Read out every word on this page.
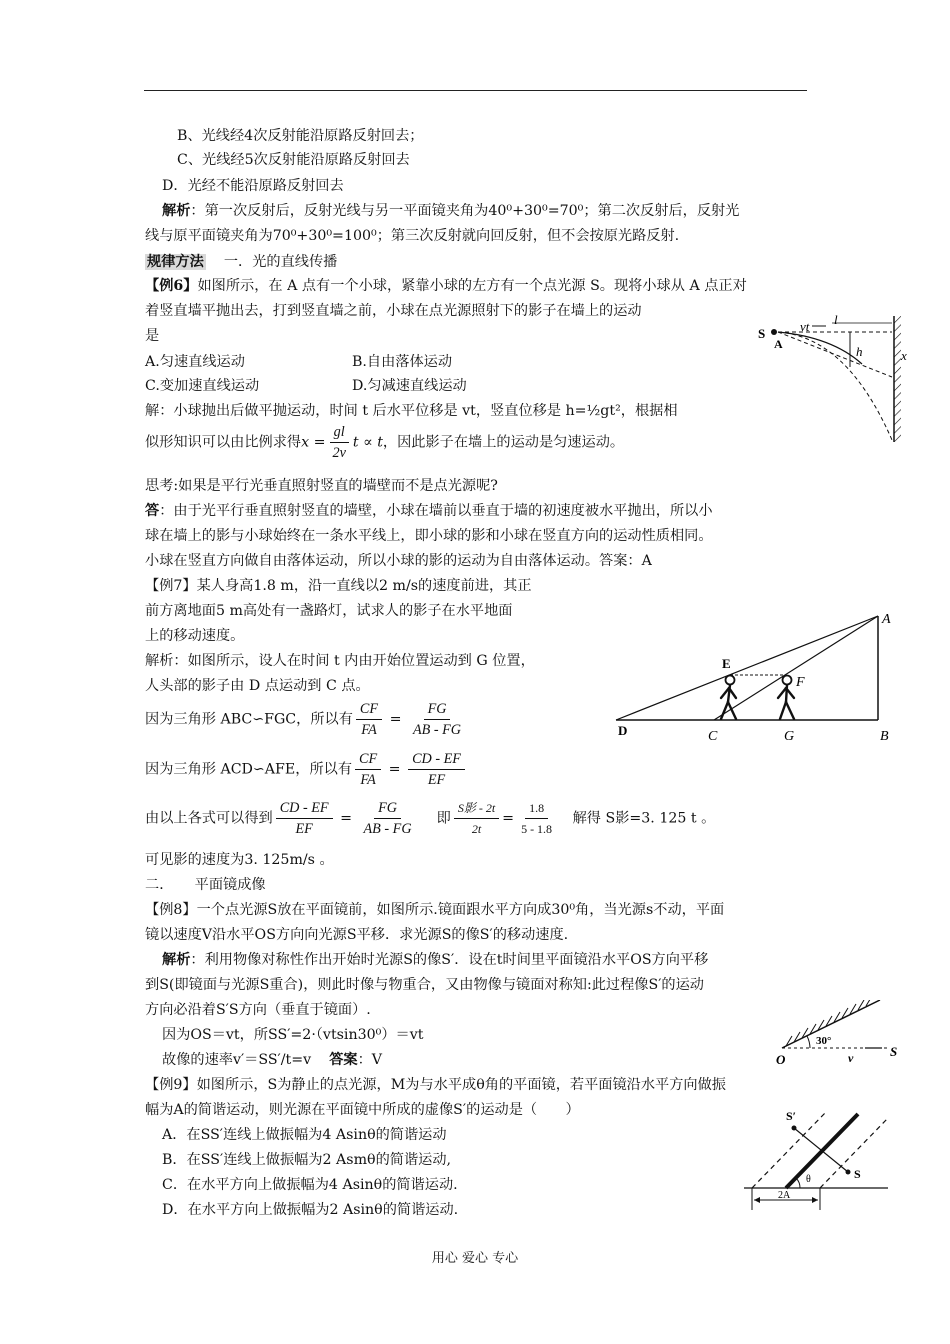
B、光线经4次反射能沿原路反射回去；
C、光线经5次反射能沿原路反射回去
D．光经不能沿原路反射回去
解析：第一次反射后，反射光线与另一平面镜夹角为40⁰+30⁰=70⁰；第二次反射后，反射光
线与原平面镜夹角为70⁰+30⁰=100⁰；第三次反射就向回反射，但不会按原光路反射.
规律方法 一．光的直线传播
【例6】如图所示，在 A 点有一个小球，紧靠小球的左方有一个点光源 S。现将小球从 A 点正对
着竖直墙平抛出去，打到竖直墙之前，小球在点光源照射下的影子在墙上的运动
是
A.匀速直线运动	B.自由落体运动
C.变加速直线运动	D.匀减速直线运动
解：小球抛出后做平抛运动，时间 t 后水平位移是 vt，竖直位移是 h=½gt²，根据相
似形知识可以由比例求得$x = \frac{gl}{2v}$ t ∝ t，因此影子在墙上的运动是匀速运动。
思考:如果是平行光垂直照射竖直的墙壁而不是点光源呢?
答：由于光平行垂直照射竖直的墙壁，小球在墙前以垂直于墙的初速度被水平抛出，所以小
球在墙上的影与小球始终在一条水平线上，即小球的影和小球在竖直方向的运动性质相同。
小球在竖直方向做自由落体运动，所以小球的影的运动为自由落体运动。答案：A
S
A
vt l
h	x
【例7】某人身高1.8 m，沿一直线以2 m/s的速度前进，其正
前方离地面5 m高处有一盏路灯，试求人的影子在水平地面
上的移动速度。
解析：如图所示，设人在时间 t 内由开始位置运动到 G 位置，
人头部的影子由 D 点运动到 C 点。
因为三角形 ABC∽FGC，所以有 $\frac{CF}{FA} = \frac{FG}{AB - FG}$
因为三角形 ACD∽AFE，所以有 $\frac{CF}{FA} = \frac{CD - EF}{EF}$
由以上各式可以得到 $\frac{CD - EF}{EF} = \frac{FG}{AB - FG}$ 即 $\frac{\text{S影 - 2t}}{2t} = \frac{1.8}{5 - 1.8}$ 解得 S影=3. 125 t 。
可见影的速度为3. 125m/s 。
A
E
F
D	C	G	B
二．　　平面镜成像
【例8】一个点光源S放在平面镜前，如图所示.镜面跟水平方向成30⁰角，当光源s不动，平面
镜以速度V沿水平OS方向向光源S平移．求光源S的像S′的移动速度.
解析：利用物像对称性作出开始时光源S的像S′．设在t时间里平面镜沿水平OS方向平移
到S(即镜面与光源S重合)，则此时像与物重合，又由物像与镜面对称知:此过程像S′的运动
方向必沿着S′S方向（垂直于镜面）.
因为OS＝vt，所SS′=2·（vtsin30⁰）＝vt
故像的速率v′＝SS′/t=v 答案：V	O
30°
v	S
【例9】如图所示，S为静止的点光源，M为与水平成θ角的平面镜，若平面镜沿水平方向做振
幅为A的简谐运动，则光源在平面镜中所成的虚像S′的运动是（　　）
A．在SS′连线上做振幅为4 Asinθ的简谐运动
B．在SS′连线上做振幅为2 Asmθ的简谐运动,
C．在水平方向上做振幅为4 Asinθ的简谐运动.
D．在水平方向上做振幅为2 Asinθ的简谐运动.
S′
S
θ
2A
用心 爱心 专心
